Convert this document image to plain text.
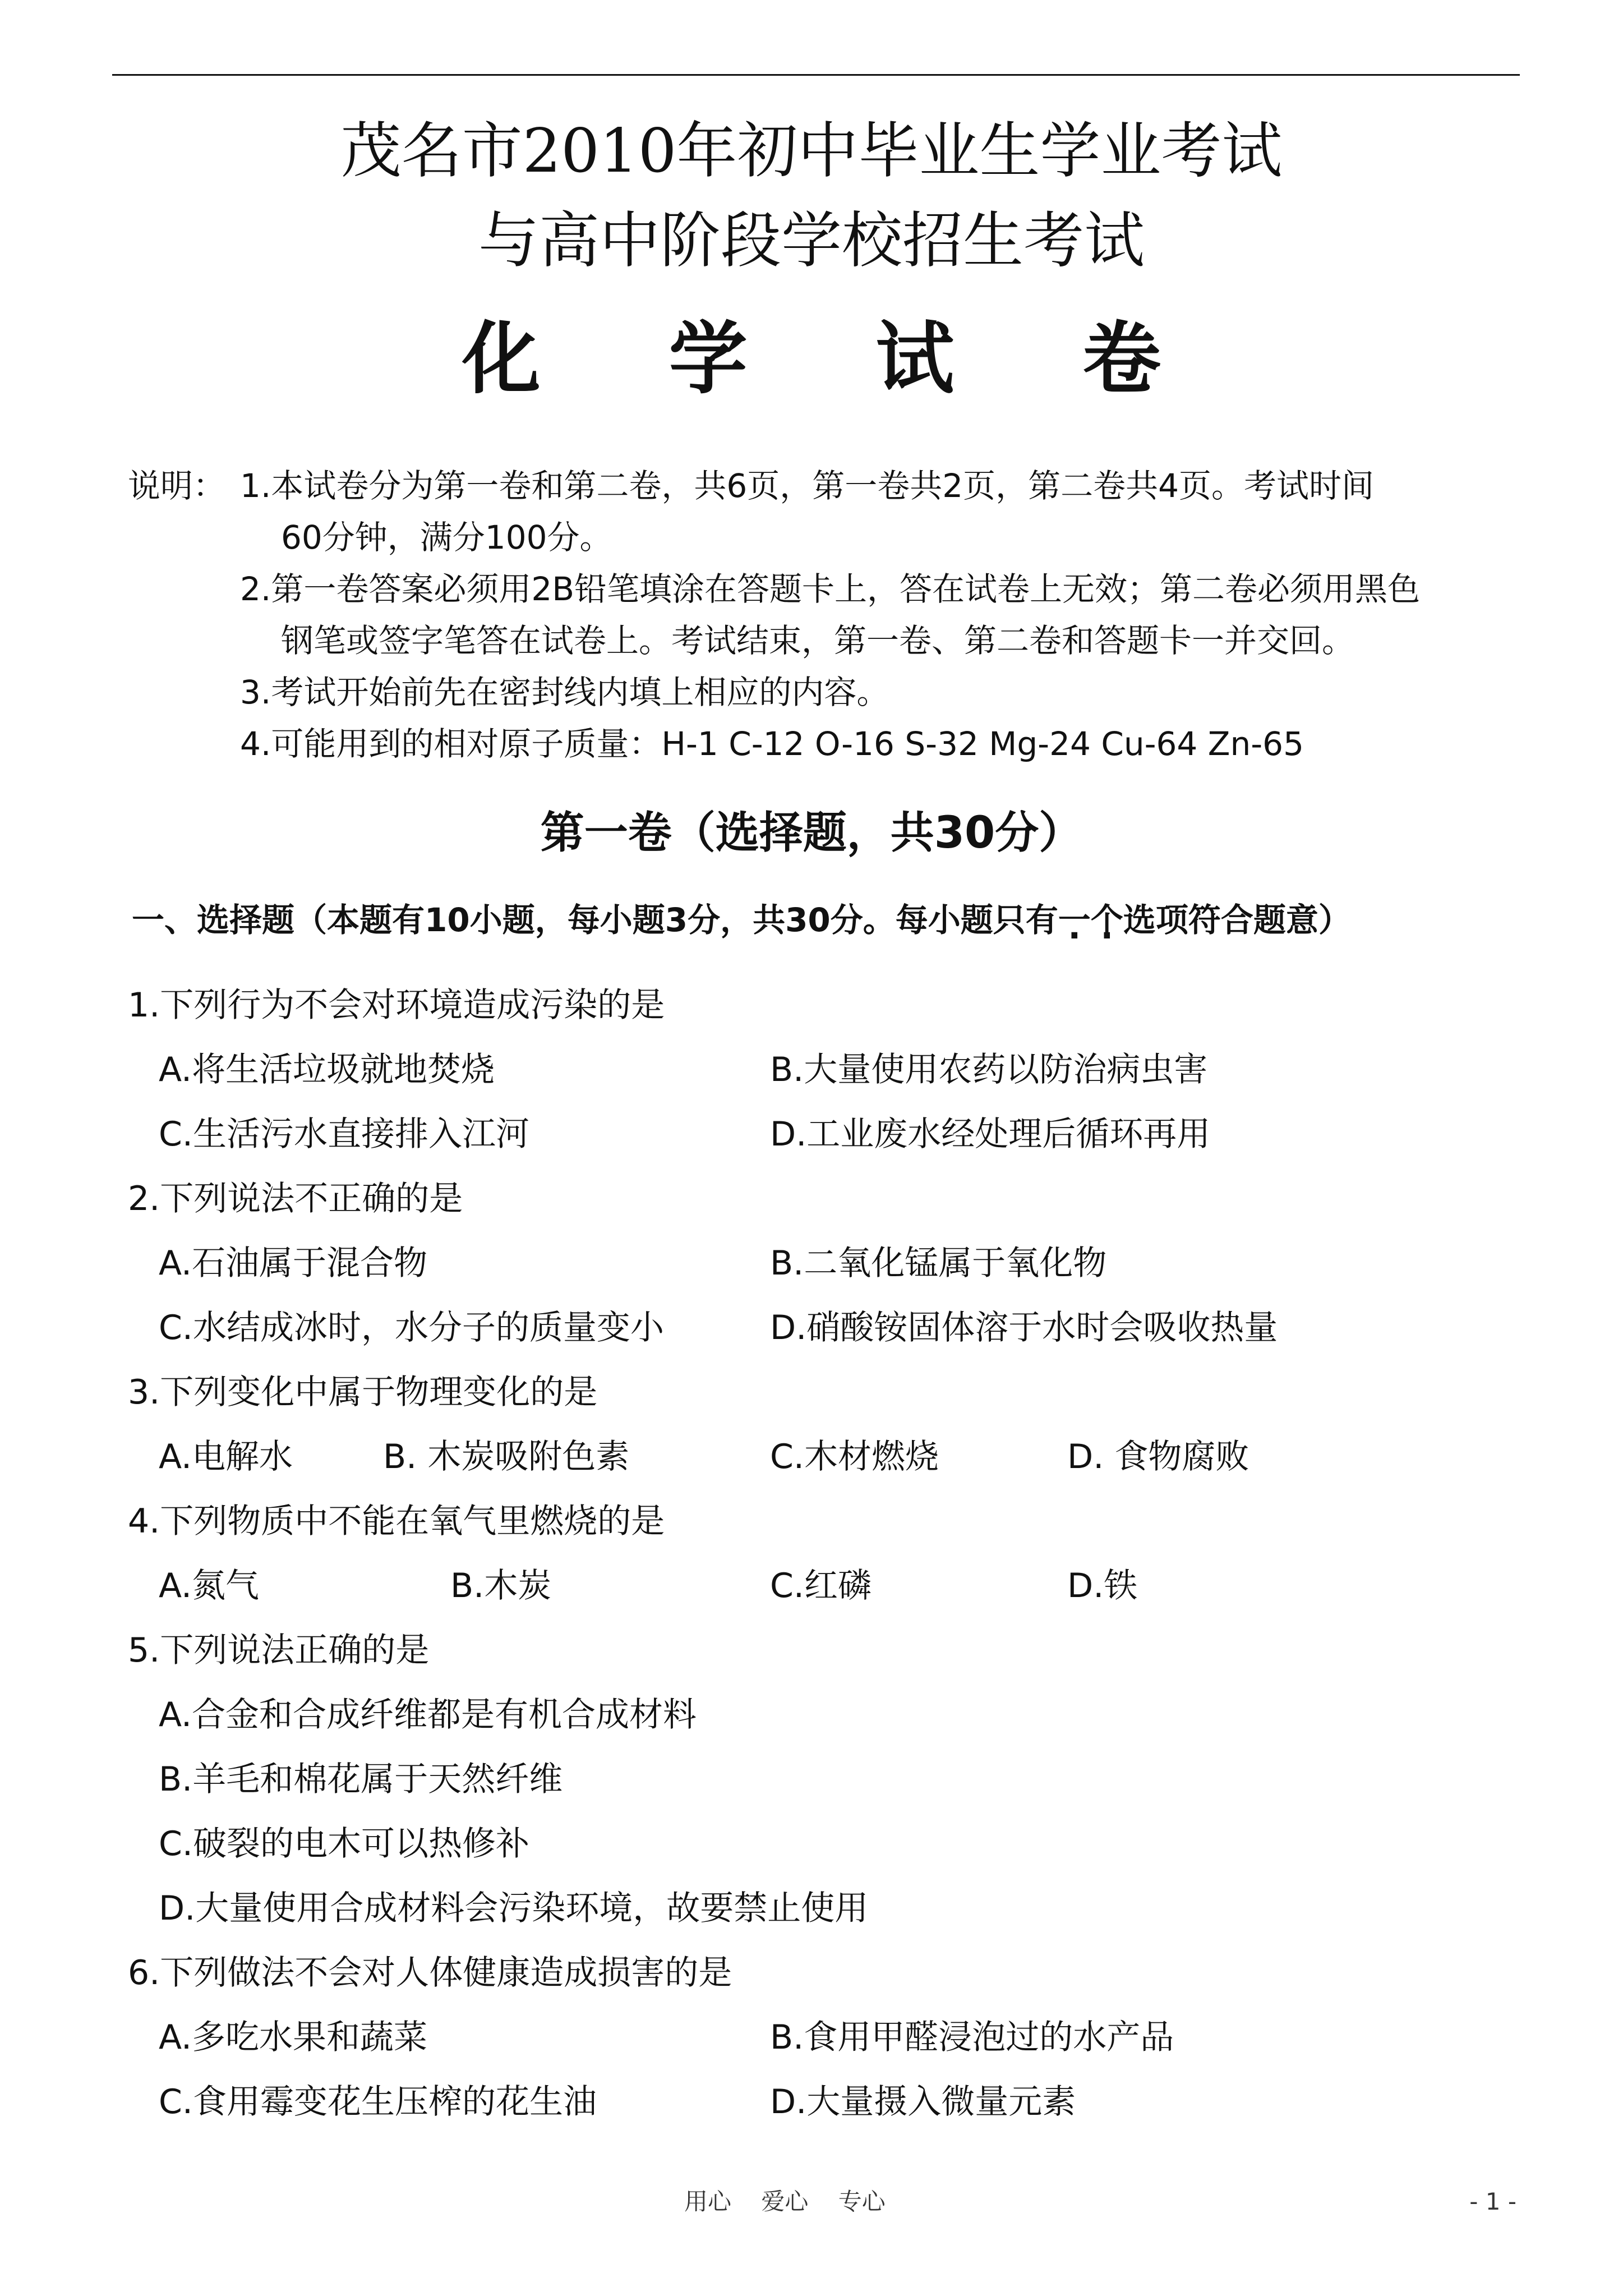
茂名市2010年初中毕业生学业考试
与高中阶段学校招生考试
化 学 试 卷
说明： 1.本试卷分为第一卷和第二卷，共6页，第一卷共2页，第二卷共4页。考试时间
60分钟，满分100分。
2.第一卷答案必须用2B铅笔填涂在答题卡上，答在试卷上无效；第二卷必须用黑色
钢笔或签字笔答在试卷上。考试结束，第一卷、第二卷和答题卡一并交回。
3.考试开始前先在密封线内填上相应的内容。
4.可能用到的相对原子质量：H-1 C-12 O-16 S-32 Mg-24 Cu-64 Zn-65
第一卷（选择题，共30分）
一、选择题（本题有10小题，每小题3分，共30分。每小题只有一个选项符合题意）
1.下列行为不会对环境造成污染的是
A.将生活垃圾就地焚烧	B.大量使用农药以防治病虫害
C.生活污水直接排入江河	D.工业废水经处理后循环再用
2.下列说法不正确的是
A.石油属于混合物	B.二氧化锰属于氧化物
C.水结成冰时，水分子的质量变小	D.硝酸铵固体溶于水时会吸收热量
3.下列变化中属于物理变化的是
A.电解水	B. 木炭吸附色素	C.木材燃烧	D. 食物腐败
4.下列物质中不能在氧气里燃烧的是
A.氮气	B.木炭	C.红磷	D.铁
5.下列说法正确的是
A.合金和合成纤维都是有机合成材料
B.羊毛和棉花属于天然纤维
C.破裂的电木可以热修补
D.大量使用合成材料会污染环境，故要禁止使用
6.下列做法不会对人体健康造成损害的是
A.多吃水果和蔬菜	B.食用甲醛浸泡过的水产品
C.食用霉变花生压榨的花生油	D.大量摄入微量元素
用心 爱心 专心	- 1 -
